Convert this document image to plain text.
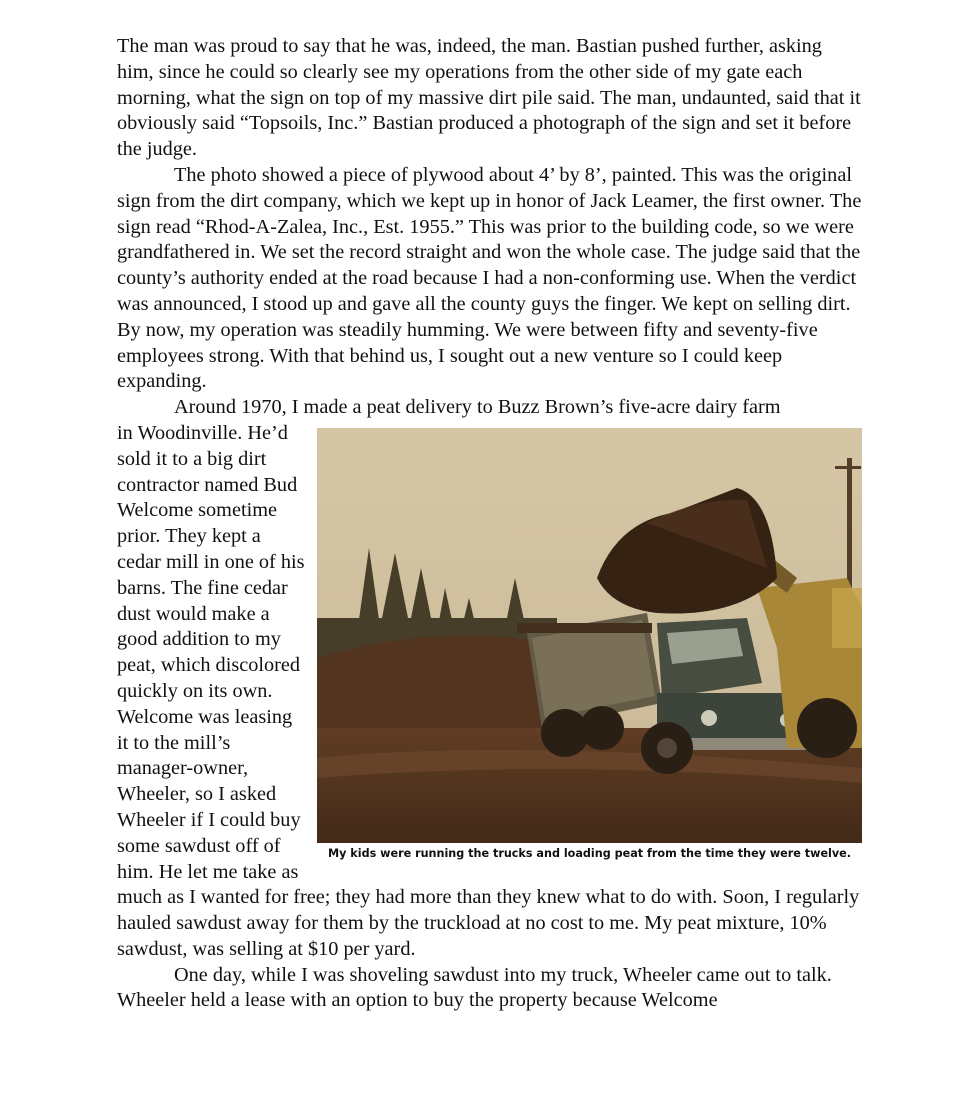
The man was proud to say that he was, indeed, the man. Bastian pushed further, asking him, since he could so clearly see my operations from the other side of my gate each morning, what the sign on top of my massive dirt pile said. The man, undaunted, said that it obviously said “Topsoils, Inc.” Bastian produced a photograph of the sign and set it before the judge.

The photo showed a piece of plywood about 4’ by 8’, painted. This was the original sign from the dirt company, which we kept up in honor of Jack Leamer, the first owner. The sign read “Rhod-A-Zalea, Inc., Est. 1955.” This was prior to the building code, so we were grandfathered in. We set the record straight and won the whole case. The judge said that the county’s authority ended at the road because I had a non-conforming use. When the verdict was announced, I stood up and gave all the county guys the finger. We kept on selling dirt. By now, my operation was steadily humming. We were between fifty and seventy-five employees strong. With that behind us, I sought out a new venture so I could keep expanding.

Around 1970, I made a peat delivery to Buzz Brown’s five-acre dairy farm

My kids were running the trucks and loading peat from the time they were twelve.

in Woodinville. He’d sold it to a big dirt contractor named Bud Welcome sometime prior. They kept a cedar mill in one of his barns. The fine cedar dust would make a good addition to my peat, which discolored quickly on its own. Welcome was leasing it to the mill’s manager-owner, Wheeler, so I asked Wheeler if I could buy some sawdust off of him. He let me take as much as I wanted for free; they had more than they knew what to do with. Soon, I regularly hauled sawdust away for them by the truckload at no cost to me. My peat mixture, 10% sawdust, was selling at $10 per yard.

One day, while I was shoveling sawdust into my truck, Wheeler came out to talk. Wheeler held a lease with an option to buy the property because Welcome
